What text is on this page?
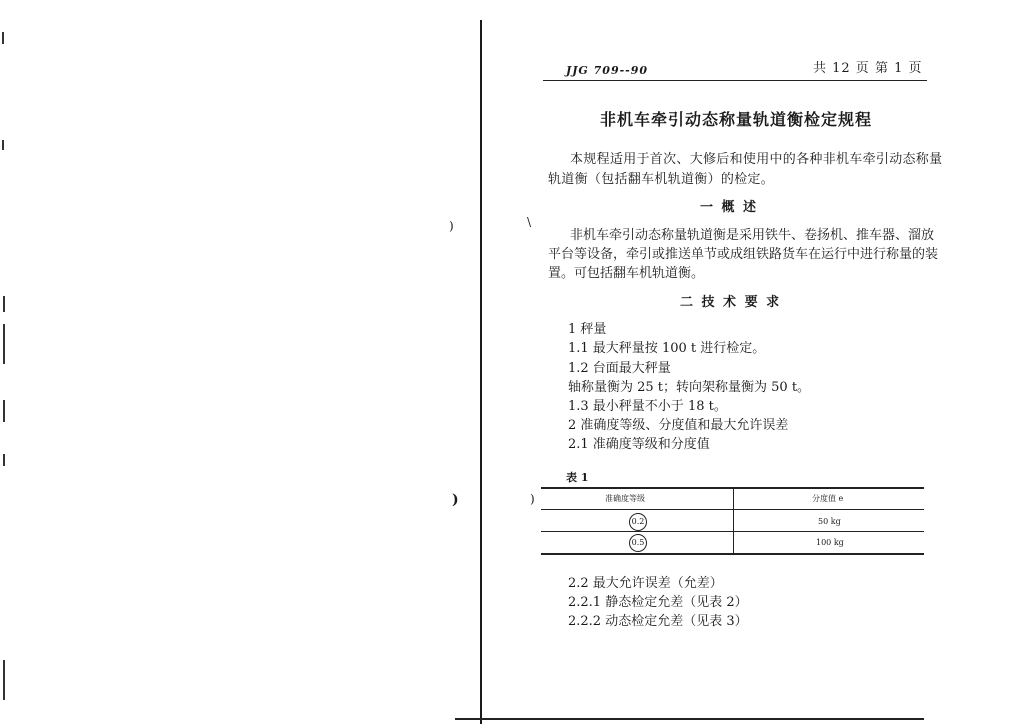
)
)
\
)
JJG 709--90	共 12 页 第 1 页
非机车牵引动态称量轨道衡检定规程
本规程适用于首次、大修后和使用中的各种非机车牵引动态称量
轨道衡（包括翻车机轨道衡）的检定。
一 概 述
非机车牵引动态称量轨道衡是采用铁牛、卷扬机、推车器、溜放
平台等设备，牵引或推送单节或成组铁路货车在运行中进行称量的装
置。可包括翻车机轨道衡。
二 技 术 要 求
1 秤量
1.1 最大秤量按 100 t 进行检定。
1.2 台面最大秤量
轴称量衡为 25 t；转向架称量衡为 50 t。
1.3 最小秤量不小于 18 t。
2 准确度等级、分度值和最大允许误差
2.1 准确度等级和分度值
表 1
准确度等级	分度值 e
0.2	50 kg
0.5	100 kg
2.2 最大允许误差（允差）
2.2.1 静态检定允差（见表 2）
2.2.2 动态检定允差（见表 3）
